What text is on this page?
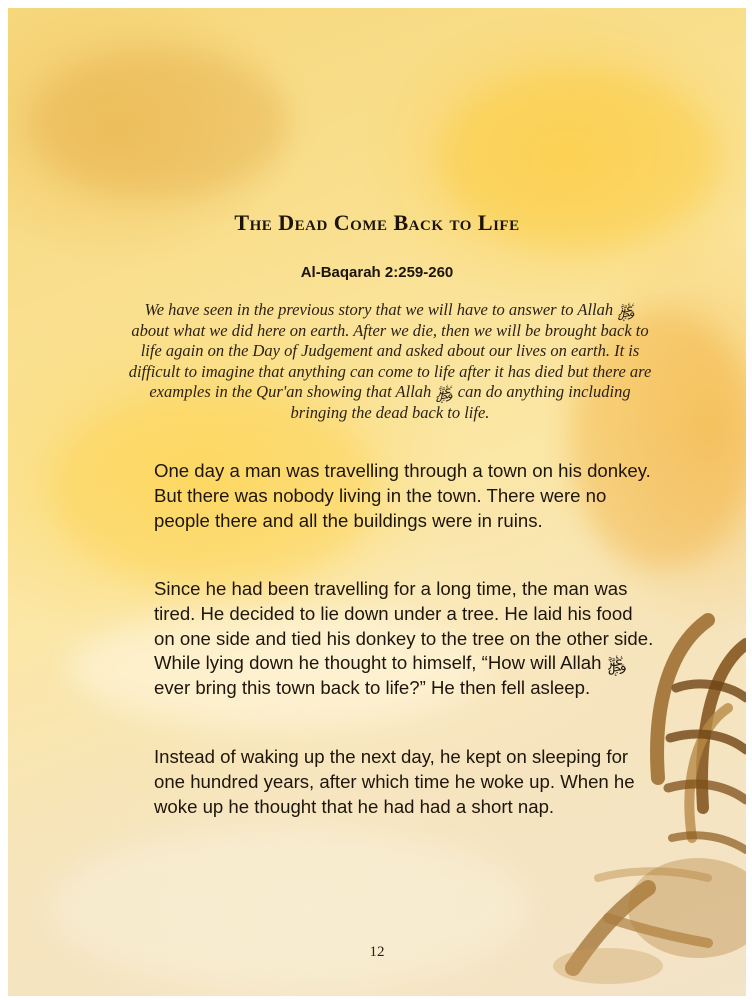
The Dead Come Back to Life

Al-Baqarah 2:259-260

We have seen in the previous story that we will have to answer to Allah ﷿ about what we did here on earth. After we die, then we will be brought back to life again on the Day of Judgement and asked about our lives on earth. It is difficult to imagine that anything can come to life after it has died but there are examples in the Qur'an showing that Allah ﷿ can do anything including bringing the dead back to life.

One day a man was travelling through a town on his donkey. But there was nobody living in the town. There were no people there and all the buildings were in ruins.

Since he had been travelling for a long time, the man was tired. He decided to lie down under a tree. He laid his food on one side and tied his donkey to the tree on the other side. While lying down he thought to himself, “How will Allah ﷿ ever bring this town back to life?” He then fell asleep.

Instead of waking up the next day, he kept on sleeping for one hundred years, after which time he woke up. When he woke up he thought that he had had a short nap.

12
